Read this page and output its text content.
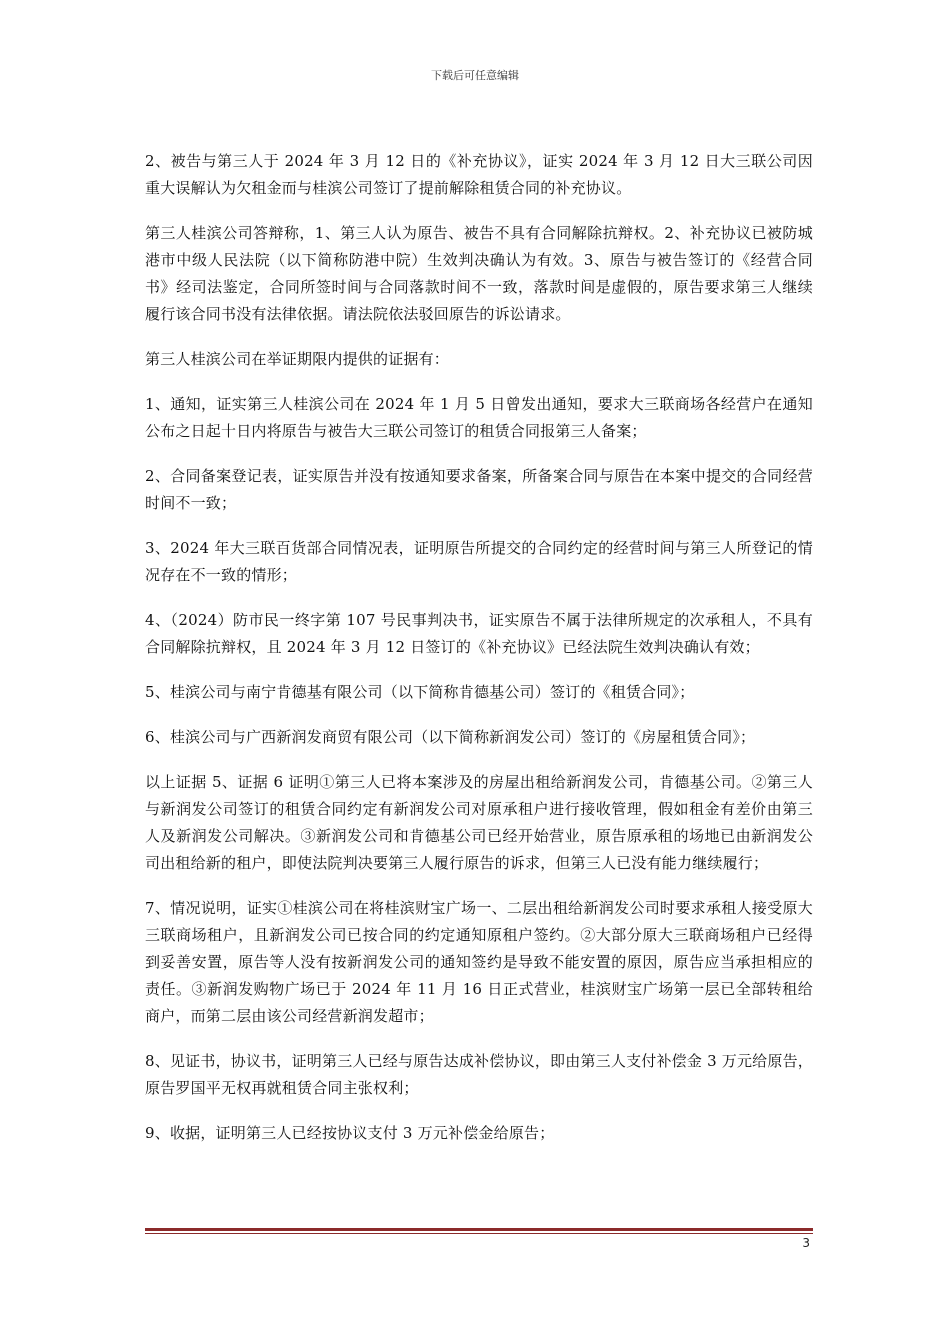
下载后可任意编辑

2、被告与第三人于 2024 年 3 月 12 日的《补充协议》，证实 2024 年 3 月 12 日大三联公司因重大误解认为欠租金而与桂滨公司签订了提前解除租赁合同的补充协议。

第三人桂滨公司答辩称，1、第三人认为原告、被告不具有合同解除抗辩权。2、补充协议已被防城港市中级人民法院（以下简称防港中院）生效判决确认为有效。3、原告与被告签订的《经营合同书》经司法鉴定，合同所签时间与合同落款时间不一致，落款时间是虚假的，原告要求第三人继续履行该合同书没有法律依据。请法院依法驳回原告的诉讼请求。

第三人桂滨公司在举证期限内提供的证据有：

1、通知，证实第三人桂滨公司在 2024 年 1 月 5 日曾发出通知，要求大三联商场各经营户在通知公布之日起十日内将原告与被告大三联公司签订的租赁合同报第三人备案；

2、合同备案登记表，证实原告并没有按通知要求备案，所备案合同与原告在本案中提交的合同经营时间不一致；

3、2024 年大三联百货部合同情况表，证明原告所提交的合同约定的经营时间与第三人所登记的情况存在不一致的情形；

4、（2024）防市民一终字第 107 号民事判决书，证实原告不属于法律所规定的次承租人，不具有合同解除抗辩权，且 2024 年 3 月 12 日签订的《补充协议》已经法院生效判决确认有效；

5、桂滨公司与南宁肯德基有限公司（以下简称肯德基公司）签订的《租赁合同》；

6、桂滨公司与广西新润发商贸有限公司（以下简称新润发公司）签订的《房屋租赁合同》；

以上证据 5、证据 6 证明①第三人已将本案涉及的房屋出租给新润发公司，肯德基公司。②第三人与新润发公司签订的租赁合同约定有新润发公司对原承租户进行接收管理，假如租金有差价由第三人及新润发公司解决。③新润发公司和肯德基公司已经开始营业，原告原承租的场地已由新润发公司出租给新的租户，即使法院判决要第三人履行原告的诉求，但第三人已没有能力继续履行；

7、情况说明，证实①桂滨公司在将桂滨财宝广场一、二层出租给新润发公司时要求承租人接受原大三联商场租户，且新润发公司已按合同的约定通知原租户签约。②大部分原大三联商场租户已经得到妥善安置，原告等人没有按新润发公司的通知签约是导致不能安置的原因，原告应当承担相应的责任。③新润发购物广场已于 2024 年 11 月 16 日正式营业，桂滨财宝广场第一层已全部转租给商户，而第二层由该公司经营新润发超市；

8、见证书，协议书，证明第三人已经与原告达成补偿协议，即由第三人支付补偿金 3 万元给原告，原告罗国平无权再就租赁合同主张权利；

9、收据，证明第三人已经按协议支付 3 万元补偿金给原告；

3
